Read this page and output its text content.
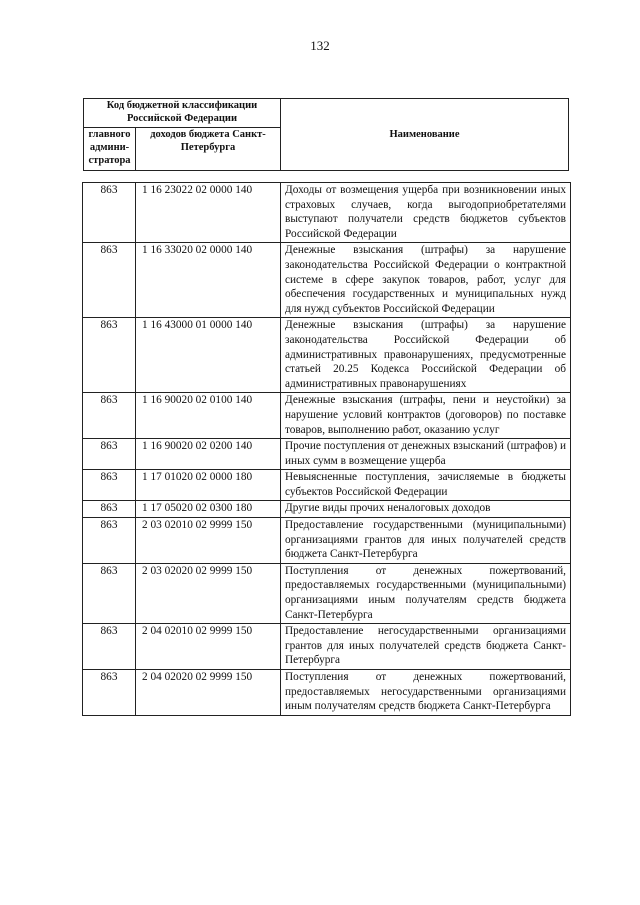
132
Код бюджетной классификации Российской Федерации		Наименование
главного админи-стратора	доходов бюджета Санкт-Петербурга	
863	1 16 23022 02 0000 140	Доходы от возмещения ущерба при возникновении иных страховых случаев, когда выгодоприобретателями выступают получатели средств бюджетов субъектов Российской Федерации
863	1 16 33020 02 0000 140	Денежные взыскания (штрафы) за нарушение законодательства Российской Федерации о контрактной системе в сфере закупок товаров, работ, услуг для обеспечения государственных и муниципальных нужд для нужд субъектов Российской Федерации
863	1 16 43000 01 0000 140	Денежные взыскания (штрафы) за нарушение законодательства Российской Федерации об административных правонарушениях, предусмотренные статьей 20.25 Кодекса Российской Федерации об административных правонарушениях
863	1 16 90020 02 0100 140	Денежные взыскания (штрафы, пени и неустойки) за нарушение условий контрактов (договоров) по поставке товаров, выполнению работ, оказанию услуг
863	1 16 90020 02 0200 140	Прочие поступления от денежных взысканий (штрафов) и иных сумм в возмещение ущерба
863	1 17 01020 02 0000 180	Невыясненные поступления, зачисляемые в бюджеты субъектов Российской Федерации
863	1 17 05020 02 0300 180	Другие виды прочих неналоговых доходов
863	2 03 02010 02 9999 150	Предоставление государственными (муниципальными) организациями грантов для иных получателей средств бюджета Санкт-Петербурга
863	2 03 02020 02 9999 150	Поступления от денежных пожертвований, предоставляемых государственными (муниципальными) организациями иным получателям средств бюджета Санкт-Петербурга
863	2 04 02010 02 9999 150	Предоставление негосударственными организациями грантов для иных получателей средств бюджета Санкт-Петербурга
863	2 04 02020 02 9999 150	Поступления от денежных пожертвований, предоставляемых негосударственными организациями иным получателям средств бюджета Санкт-Петербурга
